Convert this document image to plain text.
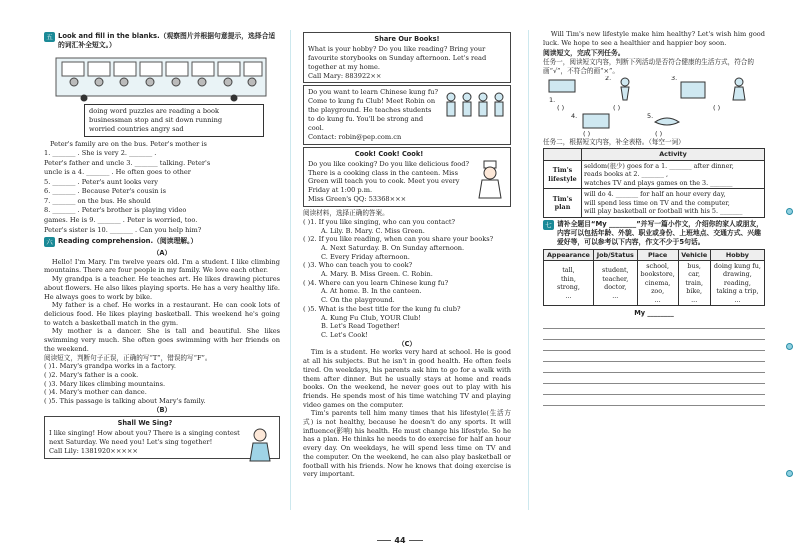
五 Look and fill in the blanks.（观察图片并根据句意提示，选择合适的词汇补全短文。）
doing word puzzles are reading a book
businessman stop and sit down running
worried countries angry sad
Peter's family are on the bus. Peter's mother is
1. _______ . She is very 2. _______ .
Peter's father and uncle 3. _______ talking. Peter's
uncle is a 4. _______ . He often goes to other
5. _______ . Peter's aunt looks very
6. _______ . Because Peter's cousin is
7. _______ on the bus. He should
8. _______ . Peter's brother is playing video
games. He is 9. _______ . Peter is worried, too.
Peter's sister is 10. _______ . Can you help him?
六 Reading comprehension.（阅读理解。）
（A）

Hello! I'm Mary. I'm twelve years old. I'm a student. I like climbing mountains. There are four people in my family. We love each other.

My grandpa is a teacher. He teaches art. He likes drawing pictures about flowers. He also likes playing sports. He has a very healthy life. He always goes to work by bike.

My father is a chef. He works in a restaurant. He can cook lots of delicious food. He likes playing basketball. This weekend he's going to watch a basketball match in the gym.

My mother is a dancer. She is tall and beautiful. She likes swimming very much. She often goes swimming with her friends on the weekend.

阅读短文，判断句子正误，正确的写“T”，错误的写“F”。
( )1. Mary's grandpa works in a factory.
( )2. Mary's father is a cook.
( )3. Mary likes climbing mountains.
( )4. Mary's mother can dance.
( )5. This passage is talking about Mary's family.
（B）
Shall We Sing?
I like singing! How about you? There is a singing contest next Saturday. We need you! Let's sing together!
Call Lily: 1381920×××××
Share Our Books!
What is your hobby? Do you like reading? Bring your favourite storybooks on Sunday afternoon. Let's read together at my home.
Call Mary: 883922××
Do you want to learn Chinese kung fu? Come to kung fu Club! Meet Robin on the playground. He teaches students to do kung fu. You'll be strong and cool.
Contact: robin@pep.com.cn
Cook! Cook! Cook!
Do you like cooking? Do you like delicious food? There is a cooking class in the canteen. Miss Green will teach you to cook. Meet you every Friday at 1:00 p.m.
Miss Green's QQ: 53368×××
阅读材料，选择正确的答案。
( )1. If you like singing, who can you contact?
A. Lily. B. Mary. C. Miss Green.
( )2. If you like reading, when can you share your books?
A. Next Saturday. B. On Sunday afternoon.
C. Every Friday afternoon.
( )3. Who can teach you to cook?
A. Mary. B. Miss Green. C. Robin.
( )4. Where can you learn Chinese kung fu?
A. At home. B. In the canteen.
C. On the playground.
( )5. What is the best title for the kung fu club?
A. Kung Fu Club, YOUR Club!
B. Let's Read Together!
C. Let's Cook!
（C）

Tim is a student. He works very hard at school. He is good at all his subjects. But he isn't in good health. He often feels tired. On weekdays, his parents ask him to go for a walk with them after dinner. But he usually stays at home and reads books. On the weekend, he never goes out to play with his friends. He spends most of his time watching TV and playing video games on the computer.

Tim's parents tell him many times that his lifestyle(生活方式) is not healthy, because he doesn't do any sports. It will influence(影响) his health. He must change his lifestyle. So he has a plan. He thinks he needs to do exercise for half an hour every day. On weekdays, he will spend less time on TV and the computer. On the weekend, he can also play basketball or football with his friends. Now he knows that doing exercise is very important.

Will Tim's new lifestyle make him healthy? Let's wish him good luck. We hope to see a healthier and happier boy soon.

阅读短文，完成下列任务。
任务一，阅读短文内容，判断下列活动是否符合健康的生活方式，符合的画“√”，不符合的画“×”。
1.
2.	3.
4.	5.
( )	( )	( )
( )	( )
任务二，根据短文内容，补全表格。（每空一词）
	Activity
Tim's lifestyle	seldom(很少) goes for a 1. _______ after dinner,
reads books at 2. _______ ,
watches TV and plays games on the 3. _______

Tim's plan	will do 4. _______ for half an hour every day,
will spend less time on TV and the computer,
will play basketball or football with his 5. _______
七 请补全题目“My ________”并写一篇小作文，介绍你的家人或朋友，内容可以包括年龄、外貌、职业或身份、上班地点、交通方式、兴趣爱好等，可以参考以下内容，作文不少于5句话。
Appearance	Job/Status	Place	Vehicle	Hobby
tall,
thin,
strong,
...	student,
teacher,
doctor,
...	school,
bookstore,
cinema,
zoo,
...	bus,
car,
train,
bike,
...	doing kung fu,
drawing,
reading,
taking a trip,
...
My ________
44
